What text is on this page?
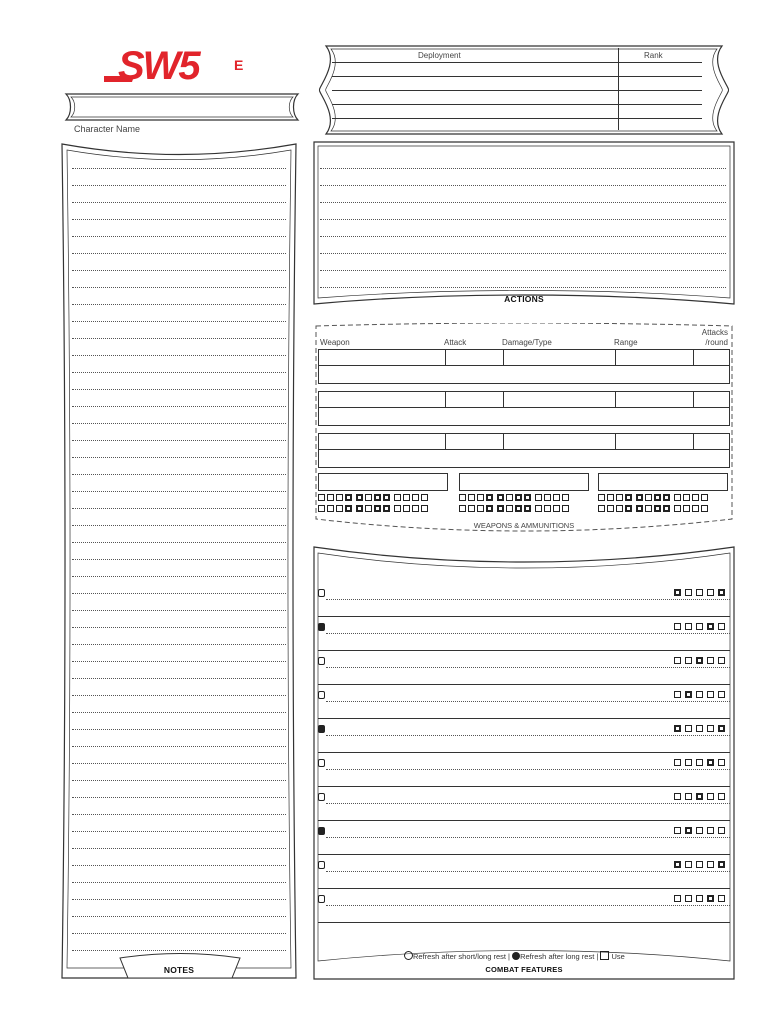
SW5	E
Character Name
Deployment	Rank
NOTES
ACTIONS
Weapon	Attack	Damage/Type	Range
Attacks /round
WEAPONS & AMMUNITIONS
Refresh after short/long rest | Refresh after long rest | Use
COMBAT FEATURES
